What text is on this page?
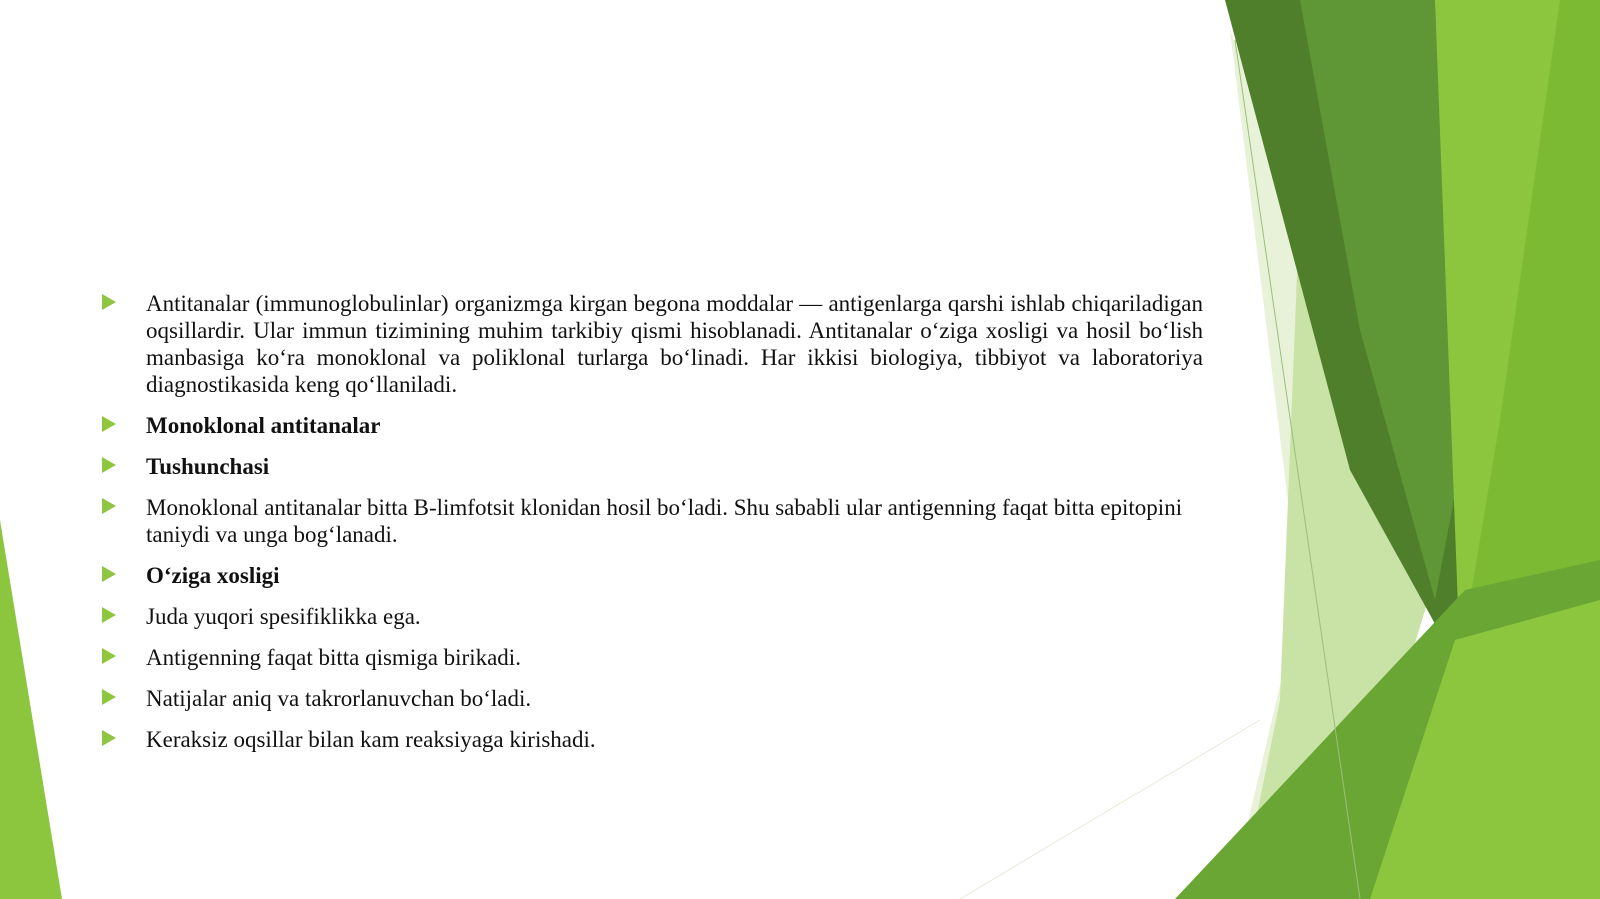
Antitanalar (immunoglobulinlar) organizmga kirgan begona moddalar — antigenlarga qarshi ishlab chiqariladigan oqsillardir. Ular immun tizimining muhim tarkibiy qismi hisoblanadi. Antitanalar o‘ziga xosligi va hosil bo‘lish manbasiga ko‘ra monoklonal va poliklonal turlarga bo‘linadi. Har ikkisi biologiya, tibbiyot va laboratoriya diagnostikasida keng qo‘llaniladi.
Monoklonal antitanalar
Tushunchasi
Monoklonal antitanalar bitta B-limfotsit klonidan hosil bo‘ladi. Shu sababli ular antigenning faqat bitta epitopini taniydi va unga bog‘lanadi.
O‘ziga xosligi
Juda yuqori spesifiklikka ega.
Antigenning faqat bitta qismiga birikadi.
Natijalar aniq va takrorlanuvchan bo‘ladi.
Keraksiz oqsillar bilan kam reaksiyaga kirishadi.
